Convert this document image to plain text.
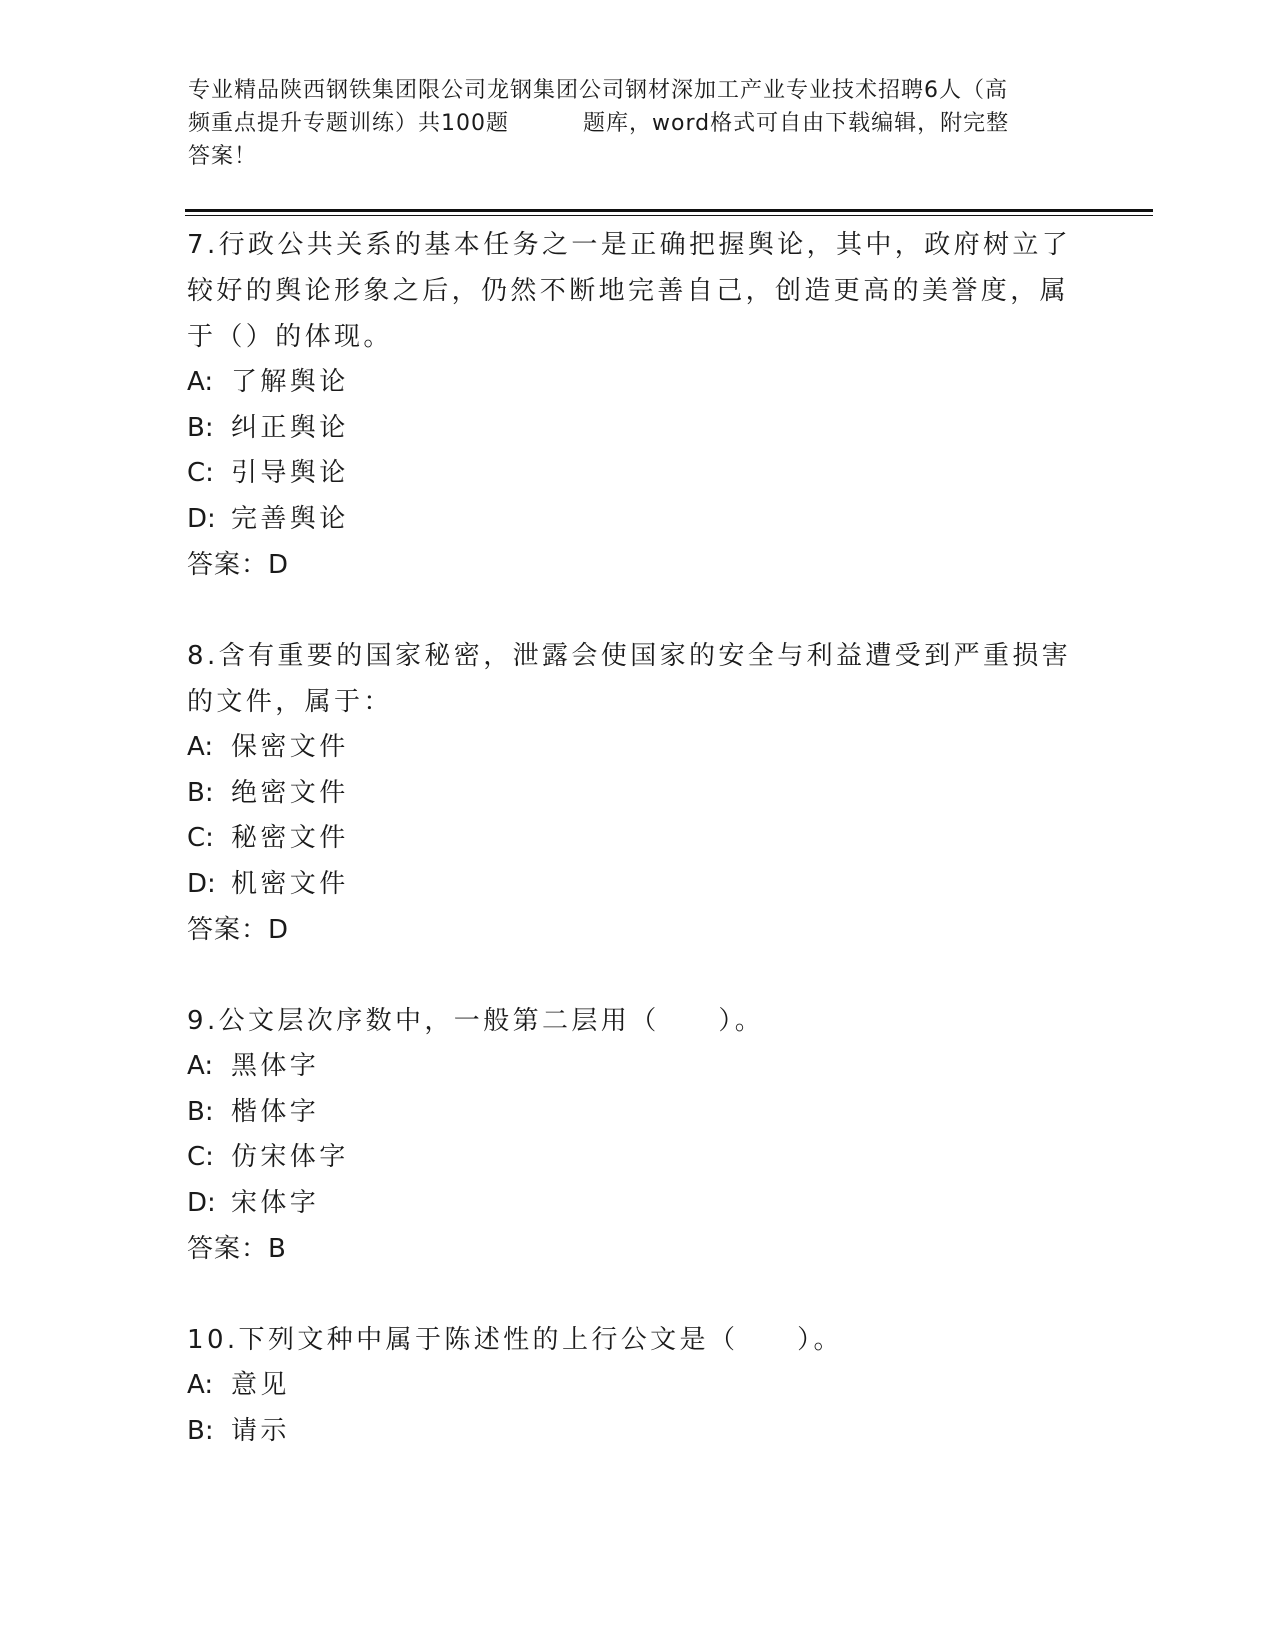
专业精品陕西钢铁集团限公司龙钢集团公司钢材深加工产业专业技术招聘6人（高
频重点提升专题训练）共100题	题库，word格式可自由下载编辑，附完整
答案！

7.行政公共关系的基本任务之一是正确把握舆论，其中，政府树立了较好的舆论形象之后，仍然不断地完善自己，创造更高的美誉度，属于（）的体现。

A: 了解舆论

B: 纠正舆论

C: 引导舆论

D: 完善舆论

答案：D

8.含有重要的国家秘密，泄露会使国家的安全与利益遭受到严重损害的文件，属于：

A: 保密文件

B: 绝密文件

C: 秘密文件

D: 机密文件

答案：D

9.公文层次序数中，一般第二层用（　　）。

A: 黑体字

B: 楷体字

C: 仿宋体字

D: 宋体字

答案：B

10.下列文种中属于陈述性的上行公文是（　　）。

A: 意见

B: 请示
